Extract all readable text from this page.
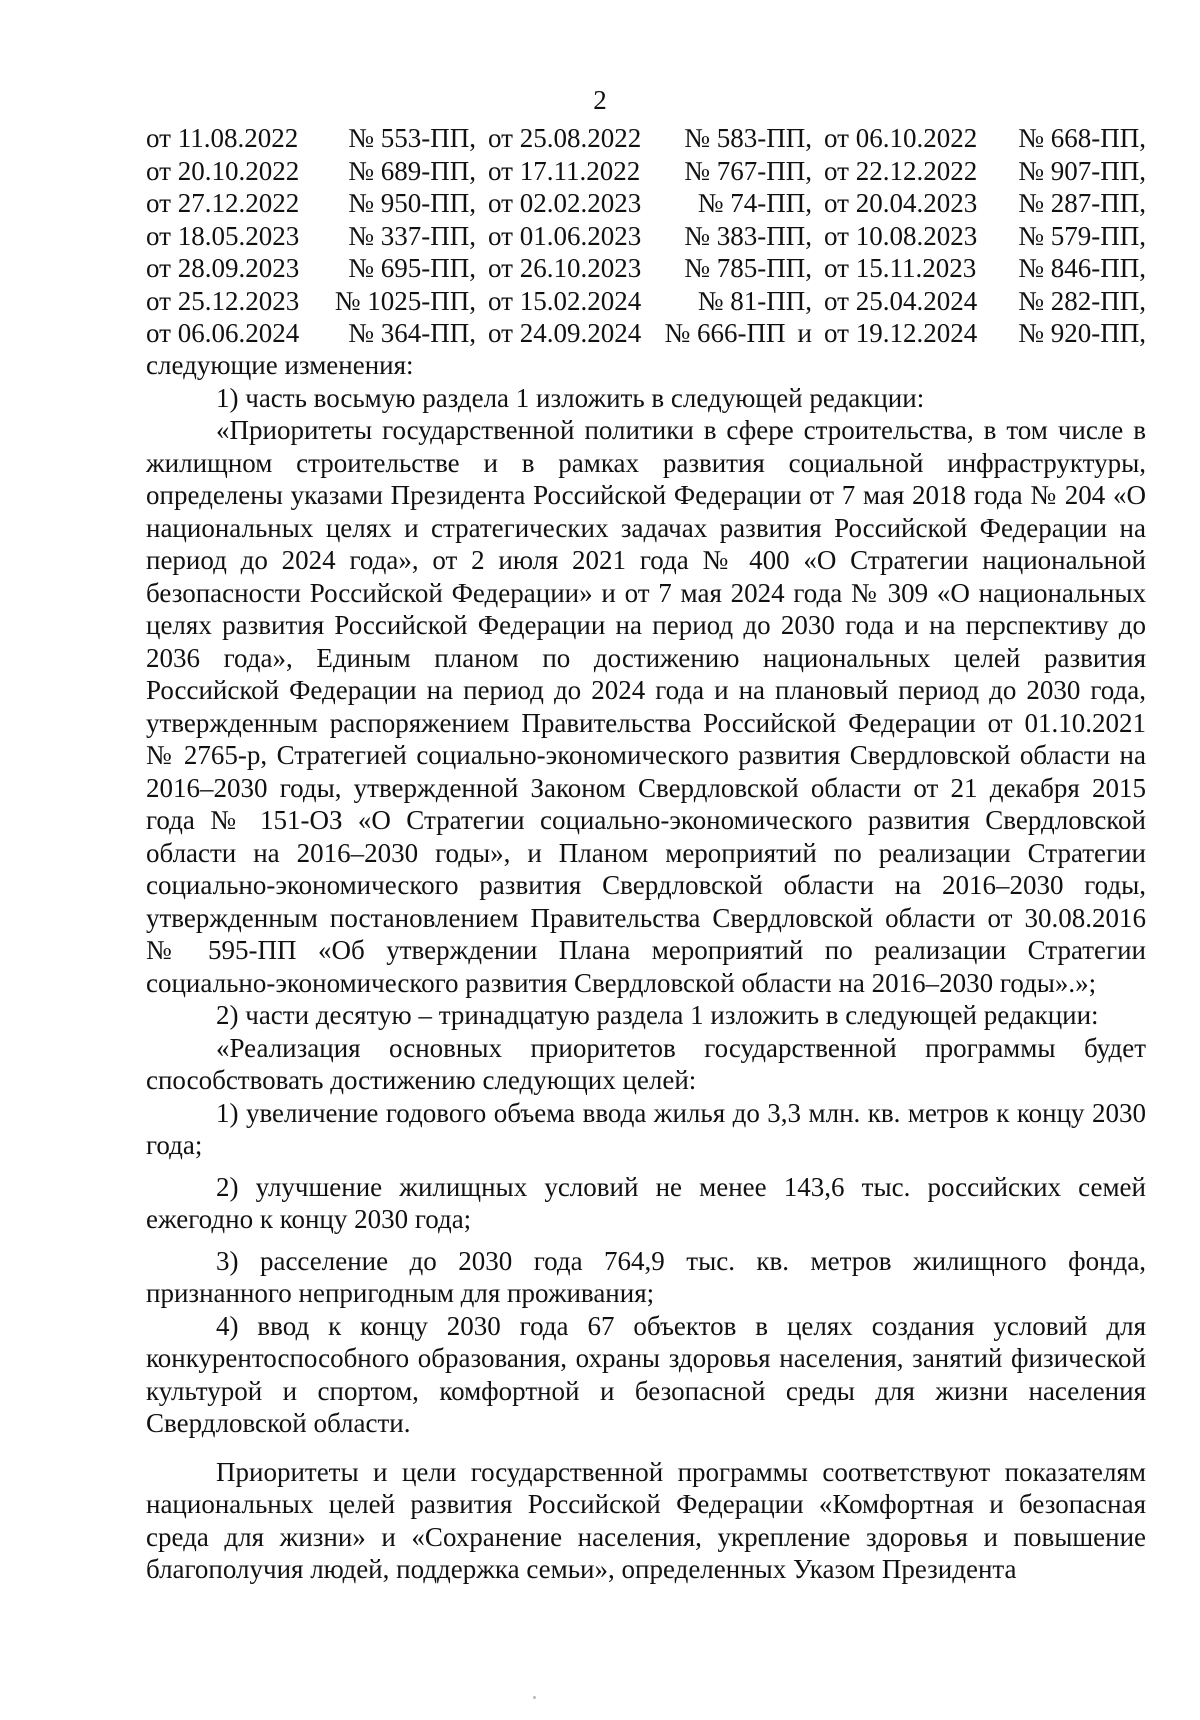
2
от 11.08.2022 № 553-ПП, от 25.08.2022 № 583-ПП, от 06.10.2022 № 668-ПП,
от 20.10.2022 № 689-ПП, от 17.11.2022 № 767-ПП, от 22.12.2022 № 907-ПП,
от 27.12.2022 № 950-ПП, от 02.02.2023 № 74-ПП, от 20.04.2023 № 287-ПП,
от 18.05.2023 № 337-ПП, от 01.06.2023 № 383-ПП, от 10.08.2023 № 579-ПП,
от 28.09.2023 № 695-ПП, от 26.10.2023 № 785-ПП, от 15.11.2023 № 846-ПП,
от 25.12.2023 № 1025-ПП, от 15.02.2024 № 81-ПП, от 25.04.2024 № 282-ПП,
от 06.06.2024 № 364-ПП, от 24.09.2024 № 666-ПП и от 19.12.2024 № 920-ПП,

следующие изменения:

1) часть восьмую раздела 1 изложить в следующей редакции:

«Приоритеты государственной политики в сфере строительства, в том числе в жилищном строительстве и в рамках развития социальной инфраструктуры, определены указами Президента Российской Федерации от 7 мая 2018 года № 204 «О национальных целях и стратегических задачах развития Российской Федерации на период до 2024 года», от 2 июля 2021 года № 400 «О Стратегии национальной безопасности Российской Федерации» и от 7 мая 2024 года № 309 «О национальных целях развития Российской Федерации на период до 2030 года и на перспективу до 2036 года», Единым планом по достижению национальных целей развития Российской Федерации на период до 2024 года и на плановый период до 2030 года, утвержденным распоряжением Правительства Российской Федерации от 01.10.2021 № 2765-р, Стратегией социально-экономического развития Свердловской области на 2016–2030 годы, утвержденной Законом Свердловской области от 21 декабря 2015 года № 151-ОЗ «О Стратегии социально-экономического развития Свердловской области на 2016–2030 годы», и Планом мероприятий по реализации Стратегии социально-экономического развития Свердловской области на 2016–2030 годы, утвержденным постановлением Правительства Свердловской области от 30.08.2016 № 595-ПП «Об утверждении Плана мероприятий по реализации Стратегии социально-экономического развития Свердловской области на 2016–2030 годы».»;

2) части десятую – тринадцатую раздела 1 изложить в следующей редакции:

«Реализация основных приоритетов государственной программы будет способствовать достижению следующих целей:

1) увеличение годового объема ввода жилья до 3,3 млн. кв. метров к концу 2030 года;

2) улучшение жилищных условий не менее 143,6 тыс. российских семей ежегодно к концу 2030 года;

3) расселение до 2030 года 764,9 тыс. кв. метров жилищного фонда, признанного непригодным для проживания;

4) ввод к концу 2030 года 67 объектов в целях создания условий для конкурентоспособного образования, охраны здоровья населения, занятий физической культурой и спортом, комфортной и безопасной среды для жизни населения Свердловской области.

Приоритеты и цели государственной программы соответствуют показателям национальных целей развития Российской Федерации «Комфортная и безопасная среда для жизни» и «Сохранение населения, укрепление здоровья и повышение благополучия людей, поддержка семьи», определенных Указом Президента
